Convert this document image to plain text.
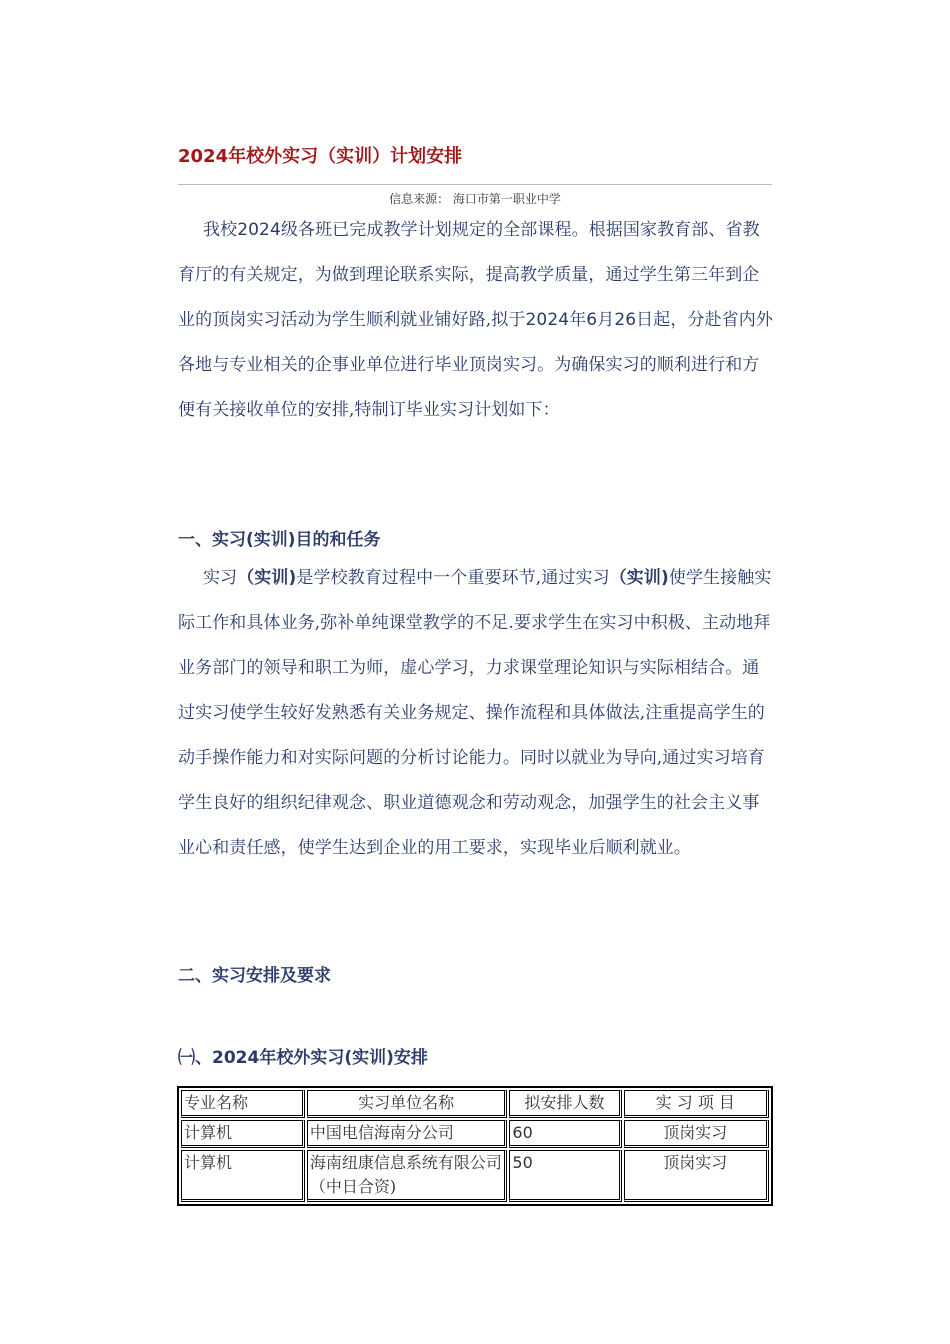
2024年校外实习（实训）计划安排
信息来源： 海口市第一职业中学

我校2024级各班已完成教学计划规定的全部课程。根据国家教育部、省教育厅的有关规定，为做到理论联系实际，提高教学质量，通过学生第三年到企业的顶岗实习活动为学生顺利就业铺好路,拟于2024年6月26日起，分赴省内外各地与专业相关的企事业单位进行毕业顶岗实习。为确保实习的顺利进行和方便有关接收单位的安排,特制订毕业实习计划如下：

一、实习(实训)目的和任务

实习（实训)是学校教育过程中一个重要环节,通过实习（实训)使学生接触实际工作和具体业务,弥补单纯课堂教学的不足.要求学生在实习中积极、主动地拜业务部门的领导和职工为师，虚心学习，力求课堂理论知识与实际相结合。通过实习使学生较好发熟悉有关业务规定、操作流程和具体做法,注重提高学生的动手操作能力和对实际问题的分析讨论能力。同时以就业为导向,通过实习培育学生良好的组织纪律观念、职业道德观念和劳动观念，加强学生的社会主义事业心和责任感，使学生达到企业的用工要求，实现毕业后顺利就业。

二、实习安排及要求
㈠、2024年校外实习(实训)安排
专业名称	实习单位名称	拟安排人数	实 习 项 目
计算机	中国电信海南分公司	60	顶岗实习
计算机	海南纽康信息系统有限公司（中日合资)	50	顶岗实习
